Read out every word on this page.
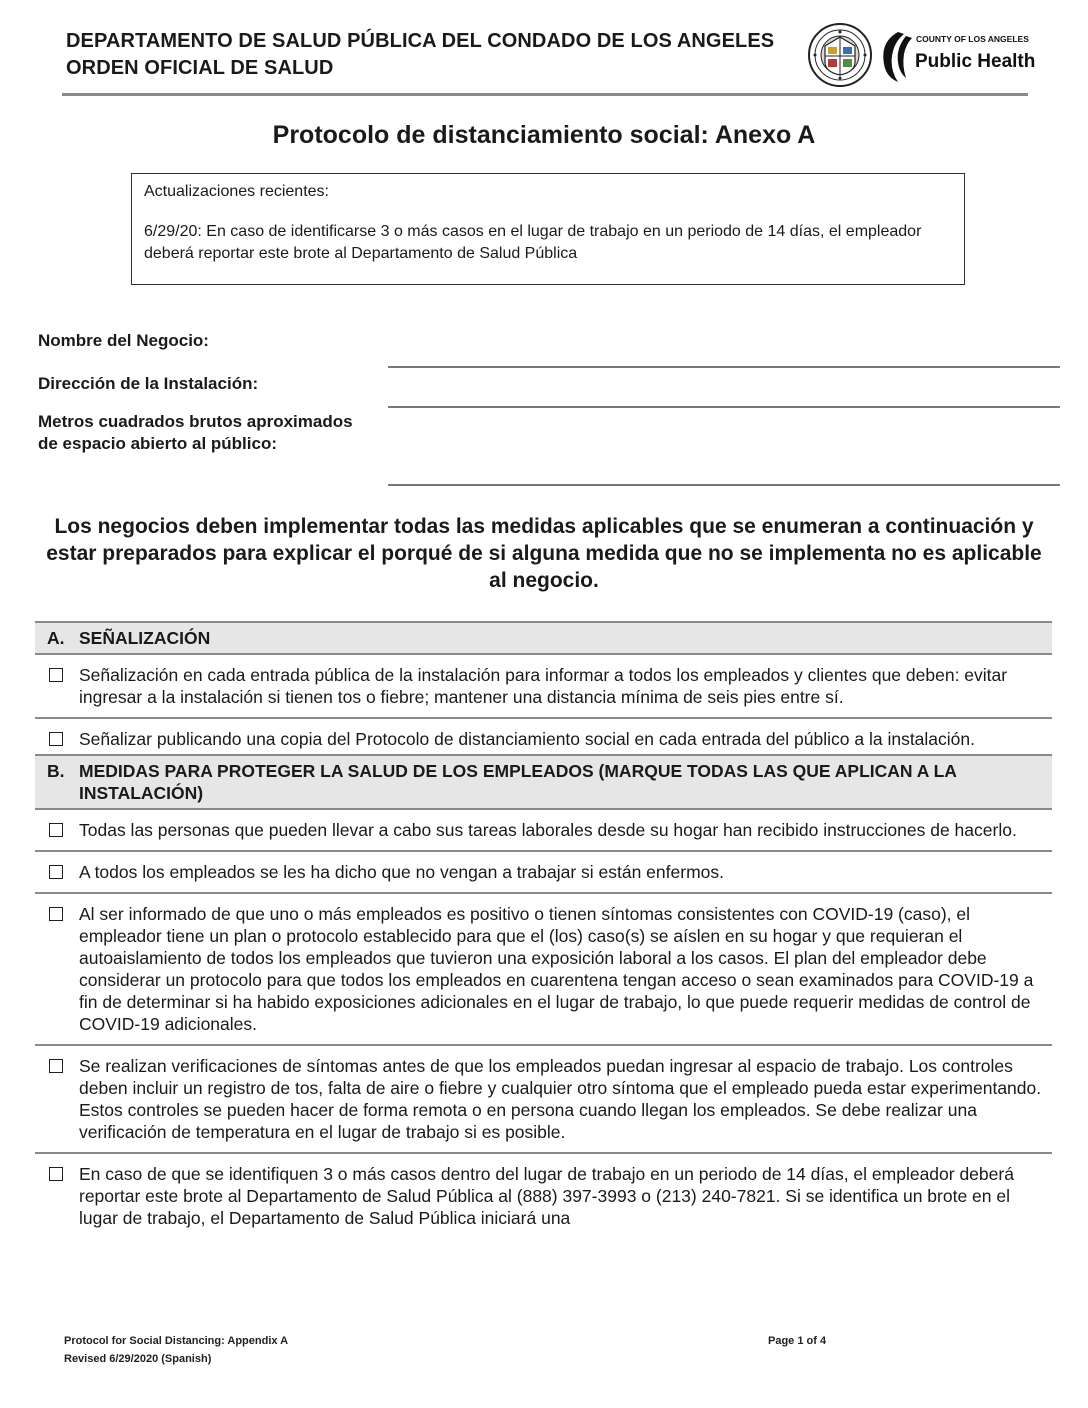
DEPARTAMENTO DE SALUD PÚBLICA DEL CONDADO DE LOS ANGELES
ORDEN OFICIAL DE SALUD
COUNTY OF LOS ANGELES
Public Health
Protocolo de distanciamiento social: Anexo A

Actualizaciones recientes:

6/29/20: En caso de identificarse 3 o más casos en el lugar de trabajo en un periodo de 14 días, el empleador deberá reportar este brote al Departamento de Salud Pública

Nombre del Negocio:
Dirección de la Instalación:
Metros cuadrados brutos aproximados de espacio abierto al público:

Los negocios deben implementar todas las medidas aplicables que se enumeran a continuación y estar preparados para explicar el porqué de si alguna medida que no se implementa no es aplicable al negocio.

A. SEÑALIZACIÓN

Señalización en cada entrada pública de la instalación para informar a todos los empleados y clientes que deben: evitar ingresar a la instalación si tienen tos o fiebre; mantener una distancia mínima de seis pies entre sí.

Señalizar publicando una copia del Protocolo de distanciamiento social en cada entrada del público a la instalación.

B. MEDIDAS PARA PROTEGER LA SALUD DE LOS EMPLEADOS (MARQUE TODAS LAS QUE APLICAN A LA INSTALACIÓN)

Todas las personas que pueden llevar a cabo sus tareas laborales desde su hogar han recibido instrucciones de hacerlo.

A todos los empleados se les ha dicho que no vengan a trabajar si están enfermos.

Al ser informado de que uno o más empleados es positivo o tienen síntomas consistentes con COVID-19 (caso), el empleador tiene un plan o protocolo establecido para que el (los) caso(s) se aíslen en su hogar y que requieran el autoaislamiento de todos los empleados que tuvieron una exposición laboral a los casos. El plan del empleador debe considerar un protocolo para que todos los empleados en cuarentena tengan acceso o sean examinados para COVID-19 a fin de determinar si ha habido exposiciones adicionales en el lugar de trabajo, lo que puede requerir medidas de control de COVID-19 adicionales.

Se realizan verificaciones de síntomas antes de que los empleados puedan ingresar al espacio de trabajo. Los controles deben incluir un registro de tos, falta de aire o fiebre y cualquier otro síntoma que el empleado pueda estar experimentando. Estos controles se pueden hacer de forma remota o en persona cuando llegan los empleados. Se debe realizar una verificación de temperatura en el lugar de trabajo si es posible.

En caso de que se identifiquen 3 o más casos dentro del lugar de trabajo en un periodo de 14 días, el empleador deberá reportar este brote al Departamento de Salud Pública al (888) 397-3993 o (213) 240-7821. Si se identifica un brote en el lugar de trabajo, el Departamento de Salud Pública iniciará una
Protocol for Social Distancing: Appendix A
Revised 6/29/2020 (Spanish)
Page 1 of 4
